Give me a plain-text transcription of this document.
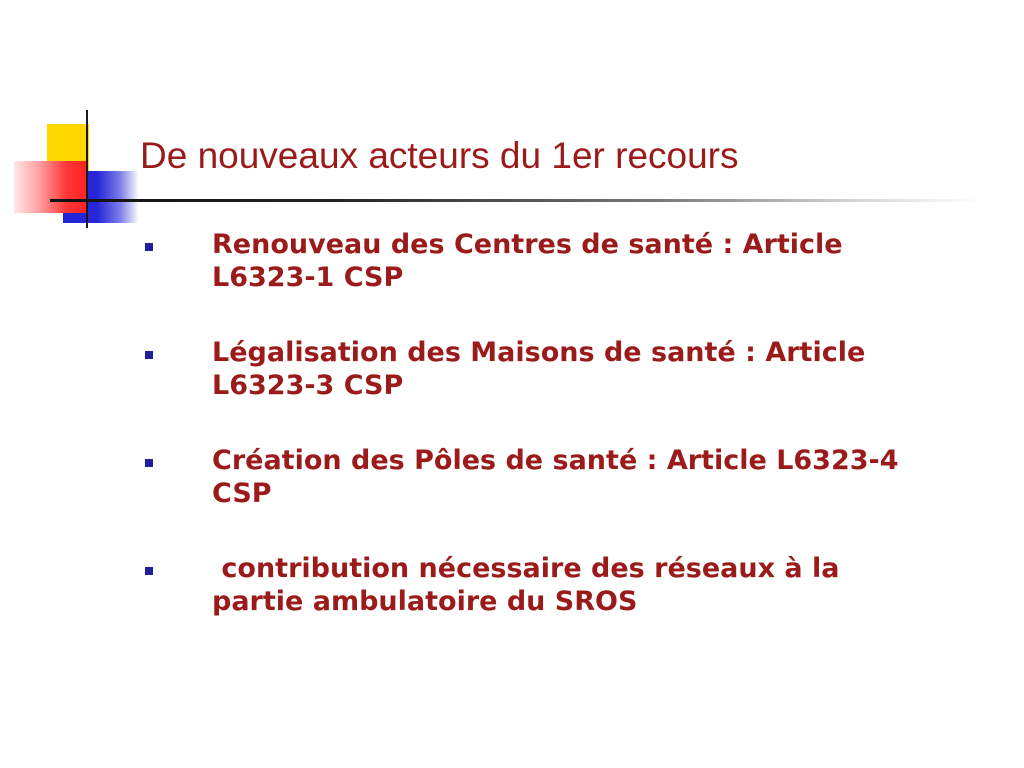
De nouveaux acteurs du 1er recours
Renouveau des Centres de santé : Article
L6323-1 CSP
Légalisation des Maisons de santé : Article
L6323-3 CSP
Création des Pôles de santé : Article L6323-4
CSP
contribution nécessaire des réseaux à la
partie ambulatoire du SROS
